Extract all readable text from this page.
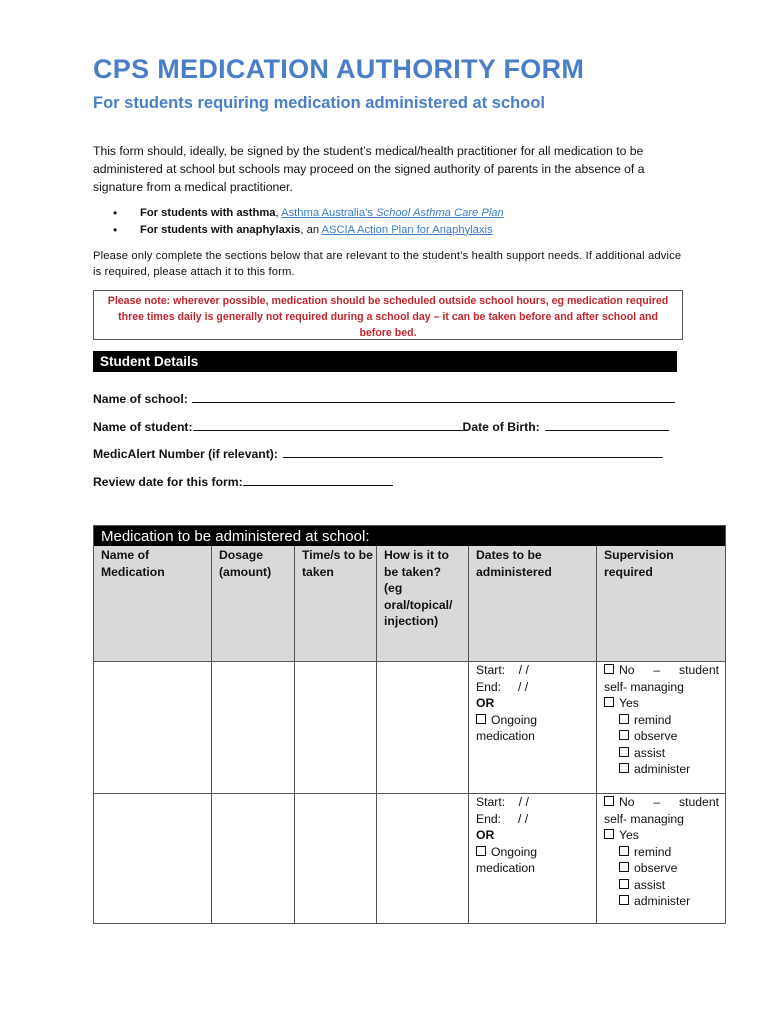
CPS MEDICATION AUTHORITY FORM
For students requiring medication administered at school

This form should, ideally, be signed by the student’s medical/health practitioner for all medication to be administered at school but schools may proceed on the signed authority of parents in the absence of a signature from a medical practitioner.

• For students with asthma, Asthma Australia’s School Asthma Care Plan
• For students with anaphylaxis, an ASCIA Action Plan for Anaphylaxis

Please only complete the sections below that are relevant to the student’s health support needs. If additional advice is required, please attach it to this form.

Please note: wherever possible, medication should be scheduled outside school hours, eg medication required three times daily is generally not required during a school day – it can be taken before and after school and before bed.
Student Details
Name of school:
Name of student:	Date of Birth:
MedicAlert Number (if relevant):
Review date for this form:
Medication to be administered at school:
Name of Medication
Dosage (amount)
Time/s to be taken
How is it to be taken? (eg oral/topical/ injection)
Dates to be administered
Supervision required
Start: / /
End: / /
OR
Ongoing
medication
No – student
self- managing
Yes
remind
observe
assist
administer
Start: / /
End: / /
OR
Ongoing
medication
No – student
self- managing
Yes
remind
observe
assist
administer
